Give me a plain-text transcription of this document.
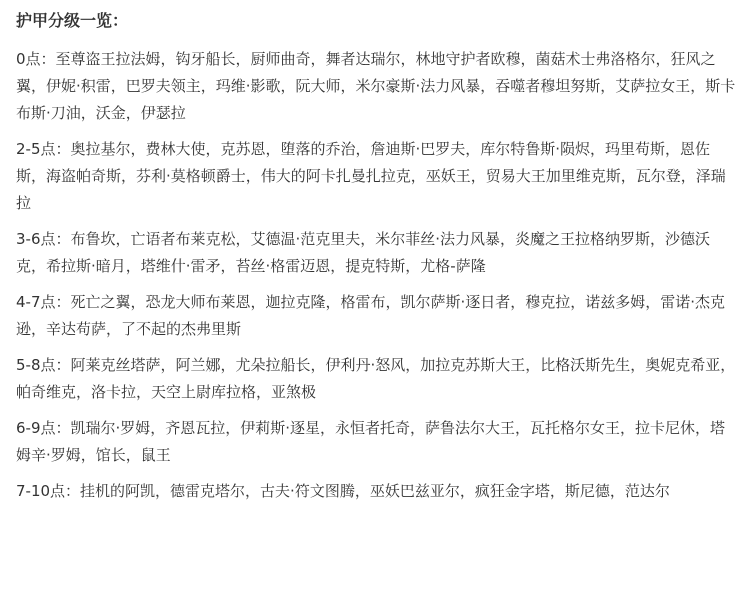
护甲分级一览：

0点：至尊盗王拉法姆，钩牙船长，厨师曲奇，舞者达瑞尔，林地守护者欧穆，菌菇术士弗洛格尔，狂风之翼，伊妮·积雷，巴罗夫领主，玛维·影歌，阮大师，米尔豪斯·法力风暴，吞噬者穆坦努斯，艾萨拉女王，斯卡布斯·刀油，沃金，伊瑟拉

2-5点：奥拉基尔，费林大使，克苏恩，堕落的乔治，詹迪斯·巴罗夫，库尔特鲁斯·陨烬，玛里苟斯，恩佐斯，海盗帕奇斯，芬利·莫格顿爵士，伟大的阿卡扎曼扎拉克，巫妖王，贸易大王加里维克斯，瓦尔登，泽瑞拉

3-6点：布鲁坎，亡语者布莱克松，艾德温·范克里夫，米尔菲丝·法力风暴，炎魔之王拉格纳罗斯，沙德沃克，希拉斯·暗月，塔维什·雷矛，苔丝·格雷迈恩，提克特斯，尤格-萨隆

4-7点：死亡之翼，恐龙大师布莱恩，迦拉克隆，格雷布，凯尔萨斯·逐日者，穆克拉，诺兹多姆，雷诺·杰克逊，辛达苟萨，了不起的杰弗里斯

5-8点：阿莱克丝塔萨，阿兰娜，尤朵拉船长，伊利丹·怒风，加拉克苏斯大王，比格沃斯先生，奥妮克希亚，帕奇维克，洛卡拉，天空上尉库拉格，亚煞极

6-9点：凯瑞尔·罗姆，齐恩瓦拉，伊莉斯·逐星，永恒者托奇，萨鲁法尔大王，瓦托格尔女王，拉卡尼休，塔姆辛·罗姆，馆长，鼠王

7-10点：挂机的阿凯，德雷克塔尔，古夫·符文图腾，巫妖巴兹亚尔，疯狂金字塔，斯尼德，范达尔
